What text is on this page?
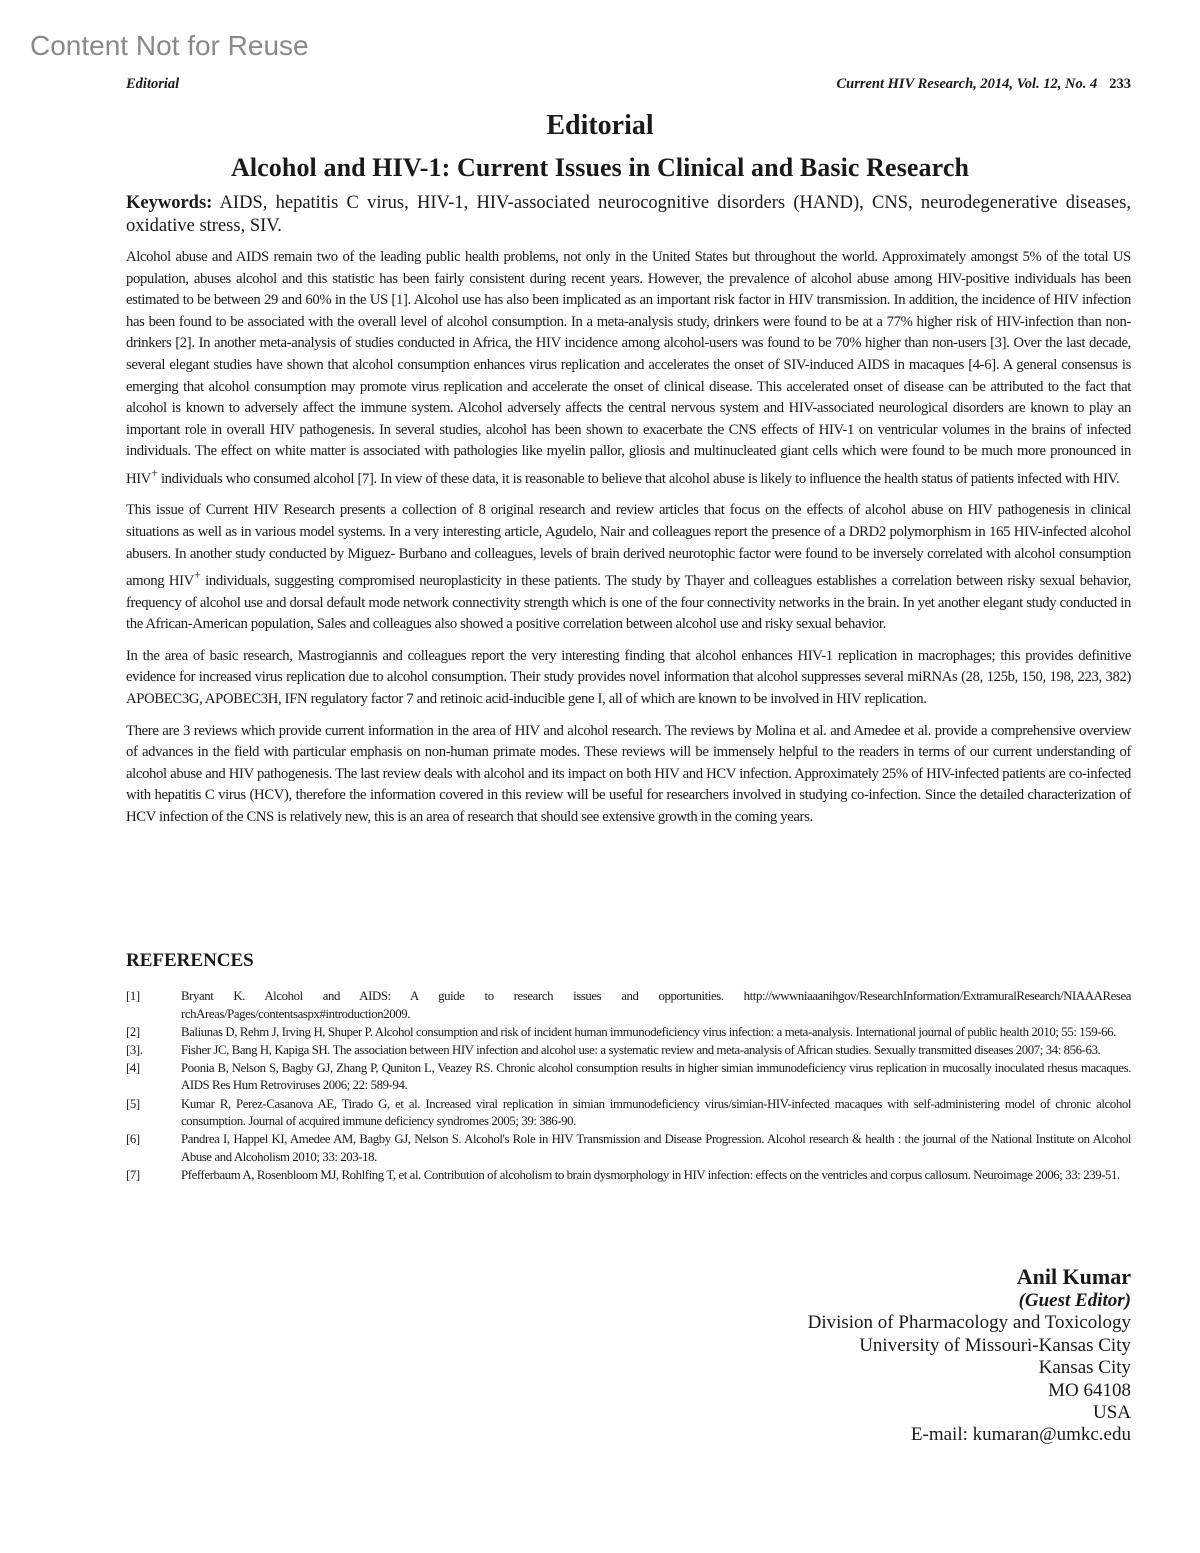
Content Not for Reuse
Editorial	Current HIV Research, 2014, Vol. 12, No. 4 233
Editorial
Alcohol and HIV-1: Current Issues in Clinical and Basic Research

Keywords: AIDS, hepatitis C virus, HIV-1, HIV-associated neurocognitive disorders (HAND), CNS, neurodegenerative diseases, oxidative stress, SIV.

Alcohol abuse and AIDS remain two of the leading public health problems, not only in the United States but throughout the world. Approximately amongst 5% of the total US population, abuses alcohol and this statistic has been fairly consistent during recent years. However, the prevalence of alcohol abuse among HIV-positive individuals has been estimated to be between 29 and 60% in the US [1]. Alcohol use has also been implicated as an important risk factor in HIV transmission. In addition, the incidence of HIV infection has been found to be associated with the overall level of alcohol consumption. In a meta-analysis study, drinkers were found to be at a 77% higher risk of HIV-infection than non-drinkers [2]. In another meta-analysis of studies conducted in Africa, the HIV incidence among alcohol-users was found to be 70% higher than non-users [3]. Over the last decade, several elegant studies have shown that alcohol consumption enhances virus replication and accelerates the onset of SIV-induced AIDS in macaques [4-6]. A general consensus is emerging that alcohol consumption may promote virus replication and accelerate the onset of clinical disease. This accelerated onset of disease can be attributed to the fact that alcohol is known to adversely affect the immune system. Alcohol adversely affects the central nervous system and HIV-associated neurological disorders are known to play an important role in overall HIV pathogenesis. In several studies, alcohol has been shown to exacerbate the CNS effects of HIV-1 on ventricular volumes in the brains of infected individuals. The effect on white matter is associated with pathologies like myelin pallor, gliosis and multinucleated giant cells which were found to be much more pronounced in HIV+ individuals who consumed alcohol [7]. In view of these data, it is reasonable to believe that alcohol abuse is likely to influence the health status of patients infected with HIV.

This issue of Current HIV Research presents a collection of 8 original research and review articles that focus on the effects of alcohol abuse on HIV pathogenesis in clinical situations as well as in various model systems. In a very interesting article, Agudelo, Nair and colleagues report the presence of a DRD2 polymorphism in 165 HIV-infected alcohol abusers. In another study conducted by Miguez- Burbano and colleagues, levels of brain derived neurotophic factor were found to be inversely correlated with alcohol consumption among HIV+ individuals, suggesting compromised neuroplasticity in these patients. The study by Thayer and colleagues establishes a correlation between risky sexual behavior, frequency of alcohol use and dorsal default mode network connectivity strength which is one of the four connectivity networks in the brain. In yet another elegant study conducted in the African-American population, Sales and colleagues also showed a positive correlation between alcohol use and risky sexual behavior.

In the area of basic research, Mastrogiannis and colleagues report the very interesting finding that alcohol enhances HIV-1 replication in macrophages; this provides definitive evidence for increased virus replication due to alcohol consumption. Their study provides novel information that alcohol suppresses several miRNAs (28, 125b, 150, 198, 223, 382) APOBEC3G, APOBEC3H, IFN regulatory factor 7 and retinoic acid-inducible gene I, all of which are known to be involved in HIV replication.

There are 3 reviews which provide current information in the area of HIV and alcohol research. The reviews by Molina et al. and Amedee et al. provide a comprehensive overview of advances in the field with particular emphasis on non-human primate modes. These reviews will be immensely helpful to the readers in terms of our current understanding of alcohol abuse and HIV pathogenesis. The last review deals with alcohol and its impact on both HIV and HCV infection. Approximately 25% of HIV-infected patients are co-infected with hepatitis C virus (HCV), therefore the information covered in this review will be useful for researchers involved in studying co-infection. Since the detailed characterization of HCV infection of the CNS is relatively new, this is an area of research that should see extensive growth in the coming years.

REFERENCES
[1]	Bryant K. Alcohol and AIDS: A guide to research issues and opportunities. http://wwwniaaanihgov/ResearchInformation/ExtramuralResearch/NIAAAResea rchAreas/Pages/contentsaspx#introduction2009.
[2]	Baliunas D, Rehm J, Irving H, Shuper P. Alcohol consumption and risk of incident human immunodeficiency virus infection: a meta-analysis. International journal of public health 2010; 55: 159-66.
[3].	Fisher JC, Bang H, Kapiga SH. The association between HIV infection and alcohol use: a systematic review and meta-analysis of African studies. Sexually transmitted diseases 2007; 34: 856-63.
[4]	Poonia B, Nelson S, Bagby GJ, Zhang P, Quniton L, Veazey RS. Chronic alcohol consumption results in higher simian immunodeficiency virus replication in mucosally inoculated rhesus macaques. AIDS Res Hum Retroviruses 2006; 22: 589-94.
[5]	Kumar R, Perez-Casanova AE, Tirado G, et al. Increased viral replication in simian immunodeficiency virus/simian-HIV-infected macaques with self-administering model of chronic alcohol consumption. Journal of acquired immune deficiency syndromes 2005; 39: 386-90.
[6]	Pandrea I, Happel KI, Amedee AM, Bagby GJ, Nelson S. Alcohol's Role in HIV Transmission and Disease Progression. Alcohol research & health : the journal of the National Institute on Alcohol Abuse and Alcoholism 2010; 33: 203-18.
[7]	Pfefferbaum A, Rosenbloom MJ, Rohlfing T, et al. Contribution of alcoholism to brain dysmorphology in HIV infection: effects on the ventricles and corpus callosum. Neuroimage 2006; 33: 239-51.
Anil Kumar
(Guest Editor)
Division of Pharmacology and Toxicology
University of Missouri-Kansas City
Kansas City
MO 64108
USA
E-mail: kumaran@umkc.edu
